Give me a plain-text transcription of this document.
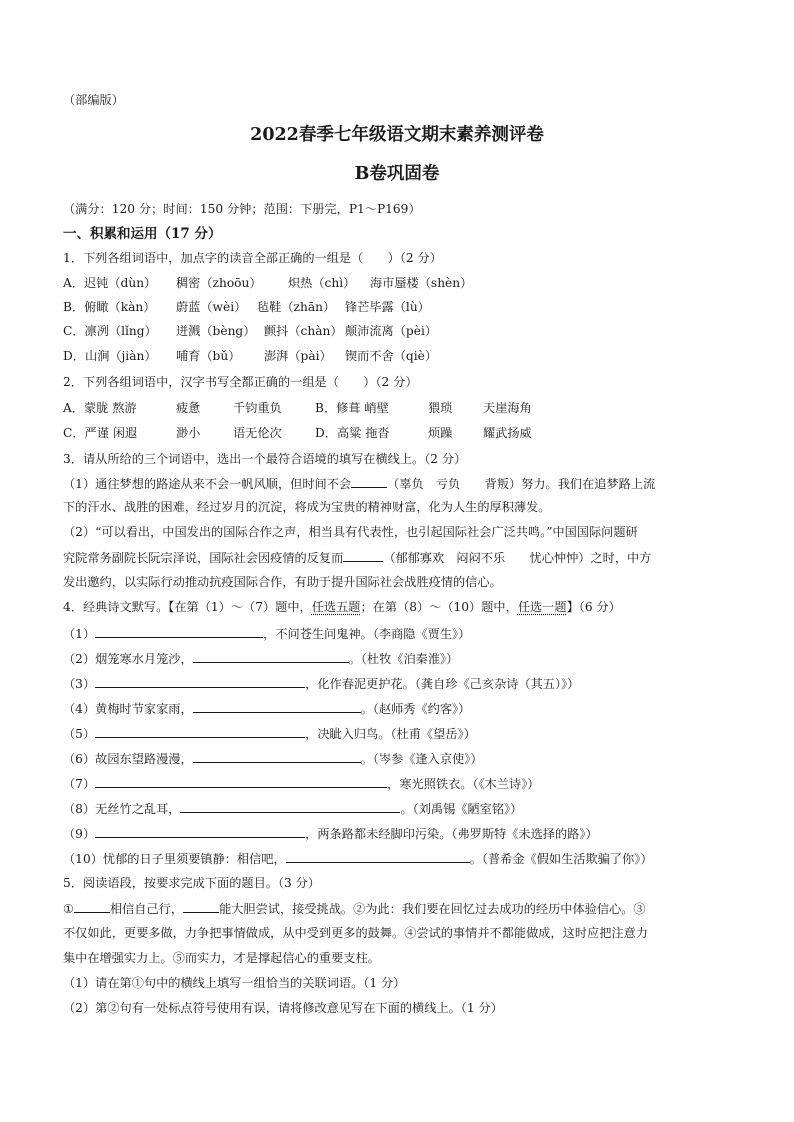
（部编版）
2022春季七年级语文期末素养测评卷
B卷巩固卷
（满分：120 分；时间：150 分钟；范围：下册完，P1～P169）
一、积累和运用（17 分）
1．下列各组词语中，加点字的读音全部正确的一组是（　　）（2 分）
A．迟钝（dùn） 稠密（zhoōu） 炽热（chì） 海市蜃楼（shèn）
B．俯瞰（kàn） 蔚蓝（wèi） 毡鞋（zhān） 锋芒毕露（lù）
C．凛冽（lǐng） 迸溅（bèng） 颤抖（chàn） 颠沛流离（pèi）
D．山涧（jiàn） 哺育（bǔ） 澎湃（pài） 锲而不舍（qiè）
2．下列各组词语中，汉字书写全都正确的一组是（　　）（2 分）
A．蒙胧 熬游	疲惫	千钧重负	B．修葺 峭壁	猥琐	天崖海角
C．严谨 闲遐	渺小	语无伦次	D．高粱 拖沓	烦躁	耀武扬威
3．请从所给的三个词语中，选出一个最符合语境的填写在横线上。（2 分）
（1）通往梦想的路途从来不会一帆风顺，但时间不会	（辜负　亏负　　背叛）努力。我们在追梦路上流
下的汗水、战胜的困难，经过岁月的沉淀，将成为宝贵的精神财富，化为人生的厚积薄发。
（2）“可以看出，中国发出的国际合作之声，相当具有代表性，也引起国际社会广泛共鸣。”中国国际问题研
究院常务副院长阮宗泽说，国际社会因疫情的反复而	（郁郁寡欢　闷闷不乐　　忧心忡忡）之时，中方
发出邀约，以实际行动推动抗疫国际合作，有助于提升国际社会战胜疫情的信心。
4．经典诗文默写。【在第（1）～（7）题中，任选五题；在第（8）～（10）题中，任选一题】（6 分）
（1）	，不问苍生问鬼神。（李商隐《贾生》）
（2）烟笼寒水月笼沙，	。（杜牧《泊秦淮》）
（3）	，化作春泥更护花。（龚自珍《己亥杂诗（其五）》）
（4）黄梅时节家家雨，	。（赵师秀《约客》）
（5）	，决眦入归鸟。（杜甫《望岳》）
（6）故园东望路漫漫，	。（岑参《逢入京使》）
（7）	，寒光照铁衣。（《木兰诗》）
（8）无丝竹之乱耳，	。（刘禹锡《陋室铭》）
（9）	，两条路都未经脚印污染。（弗罗斯特《未选择的路》）
（10）忧郁的日子里须要镇静：相信吧，	。（普希金《假如生活欺骗了你》）
5．阅读语段，按要求完成下面的题目。（3 分）
①	相信自己行，	能大胆尝试，接受挑战。②为此：我们要在回忆过去成功的经历中体验信心。③
不仅如此，更要多做，力争把事情做成，从中受到更多的鼓舞。④尝试的事情并不都能做成，这时应把注意力
集中在增强实力上。⑤而实力，才是撑起信心的重要支柱。
（1）请在第①句中的横线上填写一组恰当的关联词语。（1 分）
（2）第②句有一处标点符号使用有误，请将修改意见写在下面的横线上。（1 分）
